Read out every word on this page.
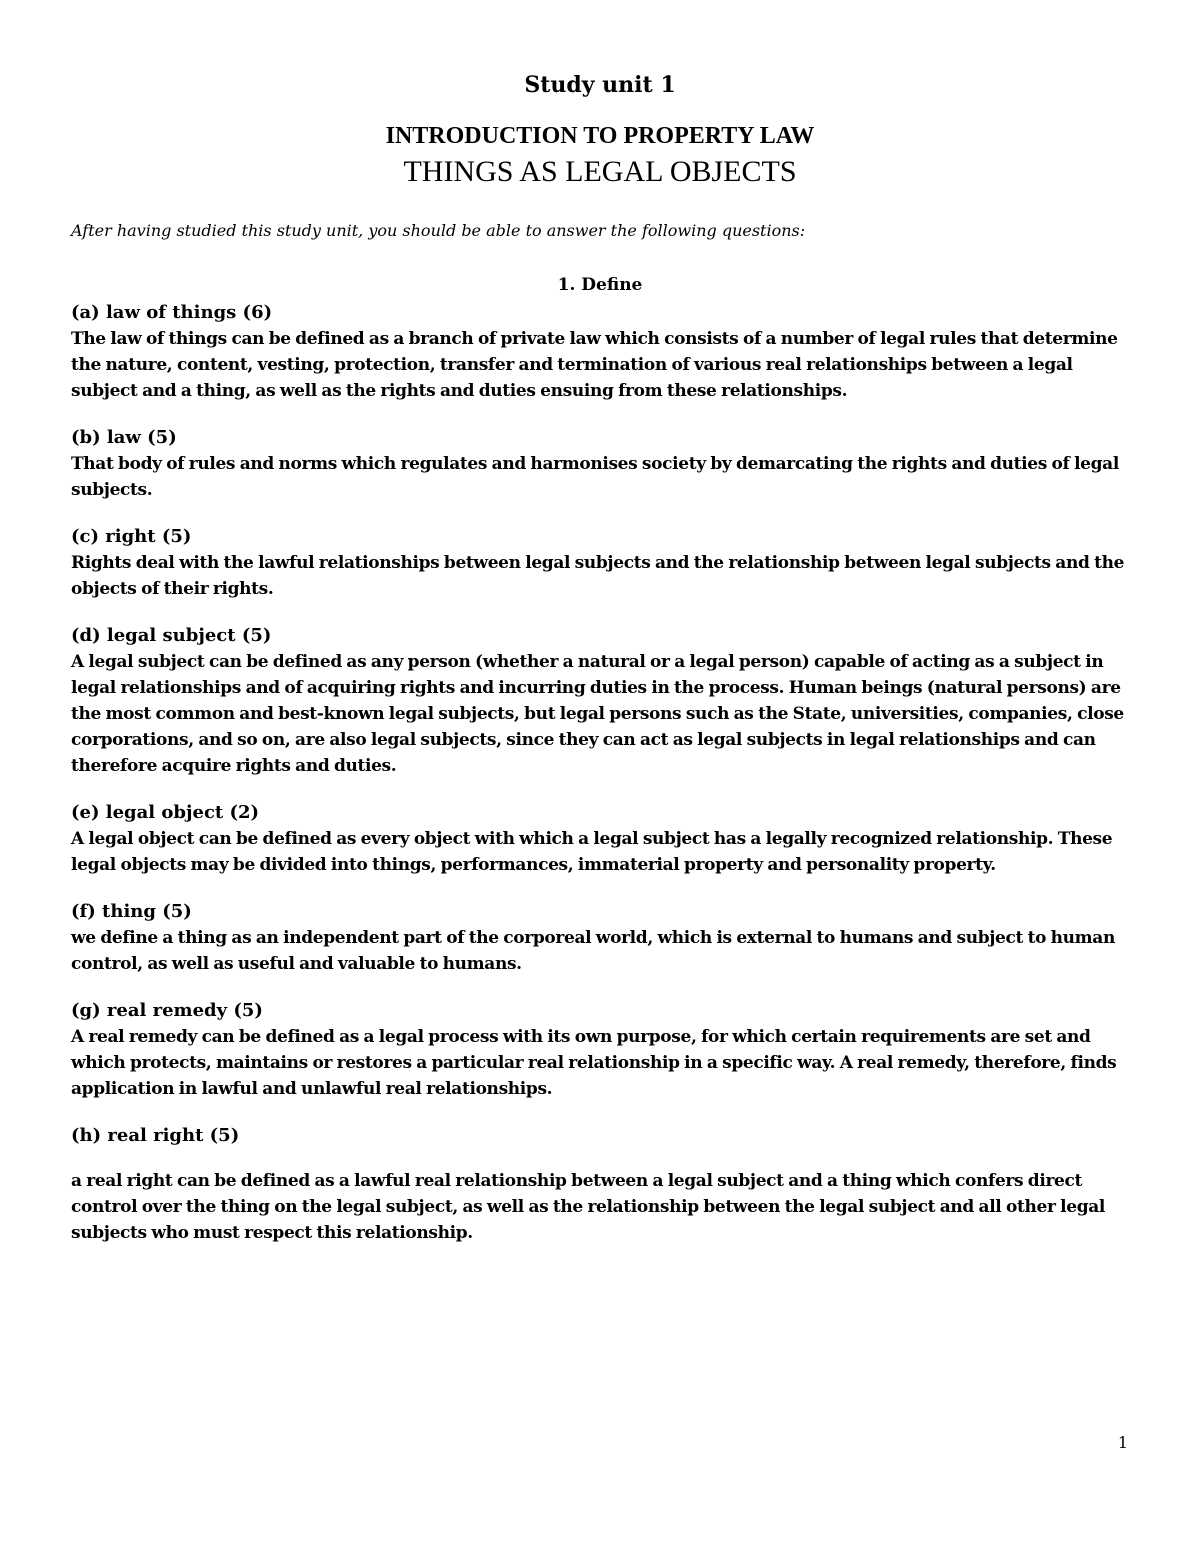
Study unit 1
INTRODUCTION TO PROPERTY LAW
THINGS AS LEGAL OBJECTS
After having studied this study unit, you should be able to answer the following questions:
1. Define
(a) law of things (6)
The law of things can be defined as a branch of private law which consists of a number of legal rules that determine the nature, content, vesting, protection, transfer and termination of various real relationships between a legal subject and a thing, as well as the rights and duties ensuing from these relationships.
(b) law (5)
That body of rules and norms which regulates and harmonises society by demarcating the rights and duties of legal subjects.
(c) right (5)
Rights deal with the lawful relationships between legal subjects and the relationship between legal subjects and the objects of their rights.
(d) legal subject (5)
A legal subject can be defined as any person (whether a natural or a legal person) capable of acting as a subject in legal relationships and of acquiring rights and incurring duties in the process. Human beings (natural persons) are the most common and best-known legal subjects, but legal persons such as the State, universities, companies, close corporations, and so on, are also legal subjects, since they can act as legal subjects in legal relationships and can therefore acquire rights and duties.
(e) legal object (2)
A legal object can be defined as every object with which a legal subject has a legally recognized relationship. These legal objects may be divided into things, performances, immaterial property and personality property.
(f) thing (5)
we define a thing as an independent part of the corporeal world, which is external to humans and subject to human control, as well as useful and valuable to humans.
(g) real remedy (5)
A real remedy can be defined as a legal process with its own purpose, for which certain requirements are set and which protects, maintains or restores a particular real relationship in a specific way. A real remedy, therefore, finds application in lawful and unlawful real relationships.
(h) real right (5)
a real right can be defined as a lawful real relationship between a legal subject and a thing which confers direct control over the thing on the legal subject, as well as the relationship between the legal subject and all other legal subjects who must respect this relationship.
1
